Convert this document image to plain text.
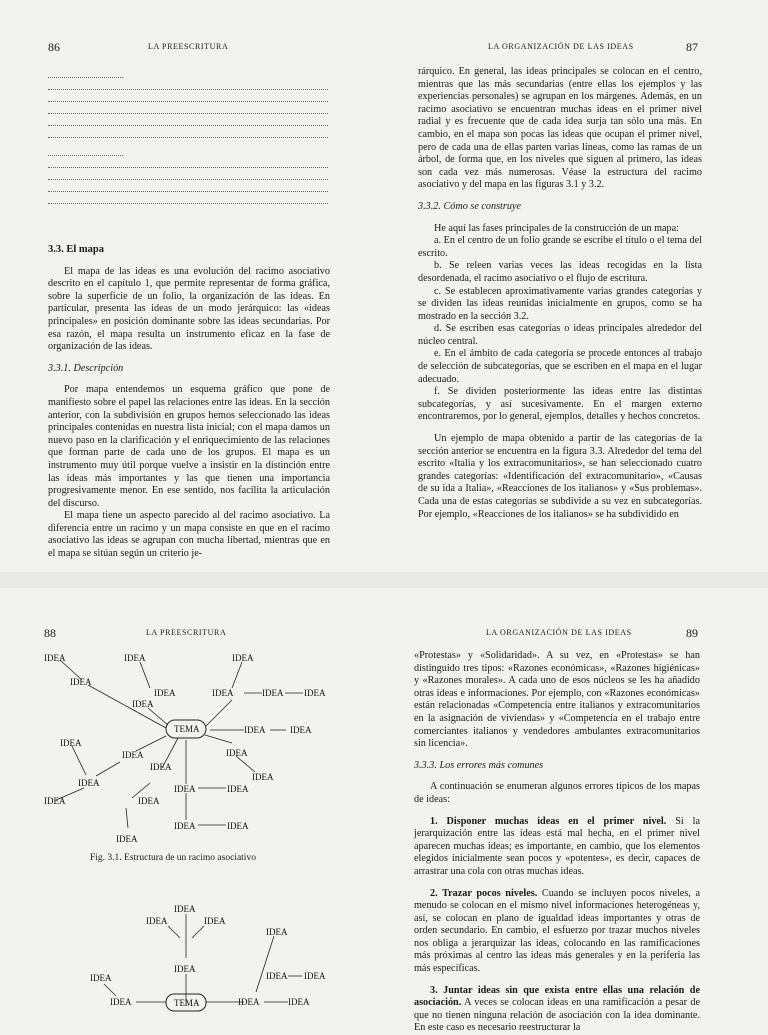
86	LA PREESCRITURA

3.3. El mapa

El mapa de las ideas es una evolución del racimo asociativo descrito en el capítulo 1, que permite representar de forma gráfica, sobre la superficie de un folio, la organización de las ideas. En particular, presenta las ideas de un modo jerárquico: las «ideas principales» en posición dominante sobre las ideas secundarias. Por esa razón, el mapa resulta un instrumento eficaz en la fase de organización de las ideas.

3.3.1. Descripción

Por mapa entendemos un esquema gráfico que pone de manifiesto sobre el papel las relaciones entre las ideas. En la sección anterior, con la subdivisión en grupos hemos seleccionado las ideas principales contenidas en nuestra lista inicial; con el mapa damos un nuevo paso en la clarificación y el enriquecimiento de las relaciones que forman parte de cada uno de los grupos. El mapa es un instrumento muy útil porque vuelve a insistir en la distinción entre las ideas más importantes y las que tienen una importancia progresivamente menor. En ese sentido, nos facilita la articulación del discurso.

El mapa tiene un aspecto parecido al del racimo asociativo. La diferencia entre un racimo y un mapa consiste en que en el racimo asociativo las ideas se agrupan con mucha libertad, mientras que en el mapa se sitúan según un criterio je-

LA ORGANIZACIÓN DE LAS IDEAS	87

rárquico. En general, las ideas principales se colocan en el centro, mientras que las más secundarias (entre ellas los ejemplos y las experiencias personales) se agrupan en los márgenes. Además, en un racimo asociativo se encuentran muchas ideas en el primer nivel radial y es frecuente que de cada idea surja tan sólo una más. En cambio, en el mapa son pocas las ideas que ocupan el primer nivel, pero de cada una de ellas parten varias líneas, como las ramas de un árbol, de forma que, en los niveles que siguen al primero, las ideas son cada vez más numerosas. Véase la estructura del racimo asociativo y del mapa en las figuras 3.1 y 3.2.

3.3.2. Cómo se construye

He aquí las fases principales de la construcción de un mapa:

a. En el centro de un folio grande se escribe el título o el tema del escrito.

b. Se releen varias veces las ideas recogidas en la lista desordenada, el racimo asociativo o el flujo de escritura.

c. Se establecen aproximativamente varias grandes categorías y se dividen las ideas reunidas inicialmente en grupos, como se ha mostrado en la sección 3.2.

d. Se escriben esas categorías o ideas principales alrededor del núcleo central.

e. En el ámbito de cada categoría se procede entonces al trabajo de selección de subcategorías, que se escriben en el mapa en el lugar adecuado.

f. Se dividen posteriormente las ideas entre las distintas subcategorías, y así sucesivamente. En el margen externo encontraremos, por lo general, ejemplos, detalles y hechos concretos.

Un ejemplo de mapa obtenido a partir de las categorías de la sección anterior se encuentra en la figura 3.3. Alrededor del tema del escrito «Italia y los extracomunitarios», se han seleccionado cuatro grandes categorías: «Identificación del extracomunitario», «Causas de su ida a Italia», «Reacciones de los italianos» y «Sus problemas». Cada una de estas categorías se subdivide a su vez en subcategorías. Por ejemplo, «Reacciones de los italianos» se ha subdividido en

88	LA PREESCRITURA
TEMA
IDEA	IDEA	IDEA
IDEA
IDEA	IDEA	IDEA IDEA
IDEA
IDEA	IDEA
IDEA
IDEA	IDEA
IDEA
IDEA
IDEA
IDEA	IDEA
IDEA	IDEA
IDEA	IDEA
IDEA
Fig. 3.1. Estructura de un racimo asociativo
TEMA
IDEA
IDEA	IDEA
IDEA
IDEA
IDEA	IDEA IDEA
IDEA	IDEA	IDEA
LA ORGANIZACIÓN DE LAS IDEAS	89

«Protestas» y «Solidaridad». A su vez, en «Protestas» se han distinguido tres tipos: «Razones económicas», «Razones higiénicas» y «Razones morales». A cada uno de esos núcleos se les ha añadido otras ideas e informaciones. Por ejemplo, con «Razones económicas» están relacionadas «Competencia entre italianos y extracomunitarios en la asignación de viviendas» y «Competencia en el trabajo entre comerciantes italianos y vendedores ambulantes extracomunitarios sin licencia».

3.3.3. Los errores más comunes

A continuación se enumeran algunos errores típicos de los mapas de ideas:

1. Disponer muchas ideas en el primer nivel. Si la jerarquización entre las ideas está mal hecha, en el primer nivel aparecen muchas ideas; es importante, en cambio, que los elementos elegidos inicialmente sean pocos y «potentes», es decir, capaces de arrastrar una cola con otras muchas ideas.

2. Trazar pocos niveles. Cuando se incluyen pocos niveles, a menudo se colocan en el mismo nivel informaciones heterogéneas y, así, se colocan en plano de igualdad ideas importantes y otras de orden secundario. En cambio, el esfuerzo por trazar muchos niveles nos obliga a jerarquizar las ideas, colocando en las ramificaciones más próximas al centro las ideas más generales y en la periferia las más específicas.

3. Juntar ideas sin que exista entre ellas una relación de asociación. A veces se colocan ideas en una ramificación a pesar de que no tienen ninguna relación de asociación con la idea dominante. En este caso es necesario reestructurar la
